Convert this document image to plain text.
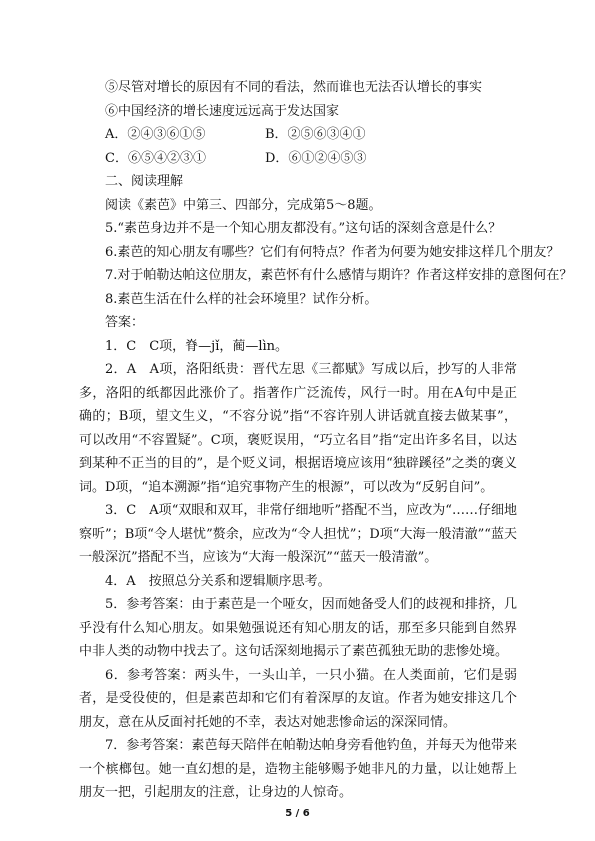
⑤尽管对增长的原因有不同的看法，然而谁也无法否认增长的事实
⑥中国经济的增长速度远远高于发达国家
A．②④③⑥①⑤	B．②⑤⑥③④①
C．⑥⑤④②③①	D．⑥①②④⑤③
二、阅读理解
阅读《素芭》中第三、四部分，完成第5～8题。
5.“素芭身边并不是一个知心朋友都没有。”这句话的深刻含意是什么？
6.素芭的知心朋友有哪些？它们有何特点？作者为何要为她安排这样几个朋友？
7.对于帕勒达帕这位朋友，素芭怀有什么感情与期许？作者这样安排的意图何在？
8.素芭生活在什么样的社会环境里？试作分析。
答案：
1．C　C项，脊—jǐ，蔺—lìn。
2．A　A项，洛阳纸贵：晋代左思《三都赋》写成以后，抄写的人非常多，洛阳的纸都因此涨价了。指著作广泛流传，风行一时。用在A句中是正确的；B项，望文生义，“不容分说”指“不容许别人讲话就直接去做某事”，可以改用“不容置疑”。C项，褒贬误用，“巧立名目”指“定出许多名目，以达到某种不正当的目的”，是个贬义词，根据语境应该用“独辟蹊径”之类的褒义词。D项，“追本溯源”指“追究事物产生的根源”，可以改为“反躬自问”。
3．C　A项“双眼和双耳，非常仔细地听”搭配不当，应改为“……仔细地察听”；B项“令人堪忧”赘余，应改为“令人担忧”；D项“大海一般清澈”“蓝天一般深沉”搭配不当，应该为“大海一般深沉”“蓝天一般清澈”。
4．A　按照总分关系和逻辑顺序思考。
5．参考答案：由于素芭是一个哑女，因而她备受人们的歧视和排挤，几乎没有什么知心朋友。如果勉强说还有知心朋友的话，那至多只能到自然界中非人类的动物中找去了。这句话深刻地揭示了素芭孤独无助的悲惨处境。
6．参考答案：两头牛，一头山羊，一只小猫。在人类面前，它们是弱者，是受役使的，但是素芭却和它们有着深厚的友谊。作者为她安排这几个朋友，意在从反面衬托她的不幸，表达对她悲惨命运的深深同情。
7．参考答案：素芭每天陪伴在帕勒达帕身旁看他钓鱼，并每天为他带来一个槟榔包。她一直幻想的是，造物主能够赐予她非凡的力量，以让她帮上朋友一把，引起朋友的注意，让身边的人惊奇。
5 / 6
